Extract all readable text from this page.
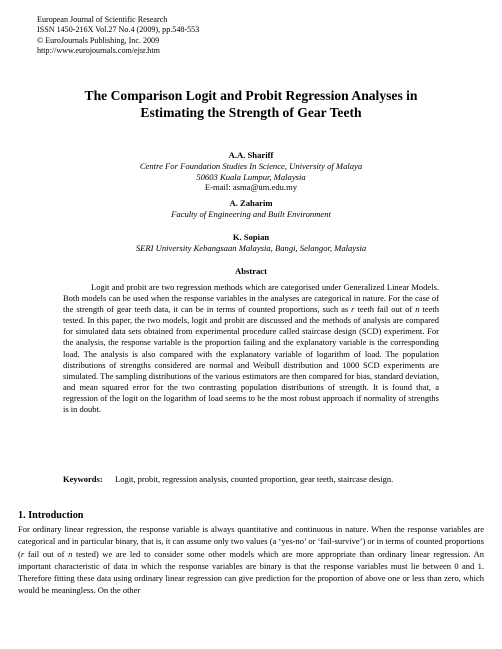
European Journal of Scientific Research
ISSN 1450-216X Vol.27 No.4 (2009), pp.548-553
© EuroJournals Publishing, Inc. 2009
http://www.eurojournals.com/ejsr.htm
The Comparison Logit and Probit Regression Analyses in
Estimating the Strength of Gear Teeth
A.A. Shariff
Centre For Foundation Studies In Science, University of Malaya
50603 Kuala Lumpur, Malaysia
E-mail: asma@um.edu.my
A. Zaharim
Faculty of Engineering and Built Environment
K. Sopian
SERI University Kebangsaan Malaysia, Bangi, Selangor, Malaysia
Abstract
Logit and probit are two regression methods which are categorised under Generalized Linear Models. Both models can be used when the response variables in the analyses are categorical in nature. For the case of the strength of gear teeth data, it can be in terms of counted proportions, such as r teeth fail out of n teeth tested. In this paper, the two models, logit and probit are discussed and the methods of analysis are compared for simulated data sets obtained from experimental procedure called staircase design (SCD) experiment. For the analysis, the response variable is the proportion failing and the explanatory variable is the corresponding load. The analysis is also compared with the explanatory variable of logarithm of load. The population distributions of strengths considered are normal and Weibull distribution and 1000 SCD experiments are simulated. The sampling distributions of the various estimators are then compared for bias, standard deviation, and mean squared error for the two contrasting population distributions of strength. It is found that, a regression of the logit on the logarithm of load seems to be the most robust approach if normality of strengths is in doubt.
Keywords: Logit, probit, regression analysis, counted proportion, gear teeth, staircase design.
1. Introduction
For ordinary linear regression, the response variable is always quantitative and continuous in nature. When the response variables are categorical and in particular binary, that is, it can assume only two values (a ‘yes-no’ or ‘fail-survive’) or in terms of counted proportions (r fail out of n tested) we are led to consider some other models which are more appropriate than ordinary linear regression. An important characteristic of data in which the response variables are binary is that the response variables must lie between 0 and 1. Therefore fitting these data using ordinary linear regression can give prediction for the proportion of above one or less than zero, which would be meaningless. On the other
